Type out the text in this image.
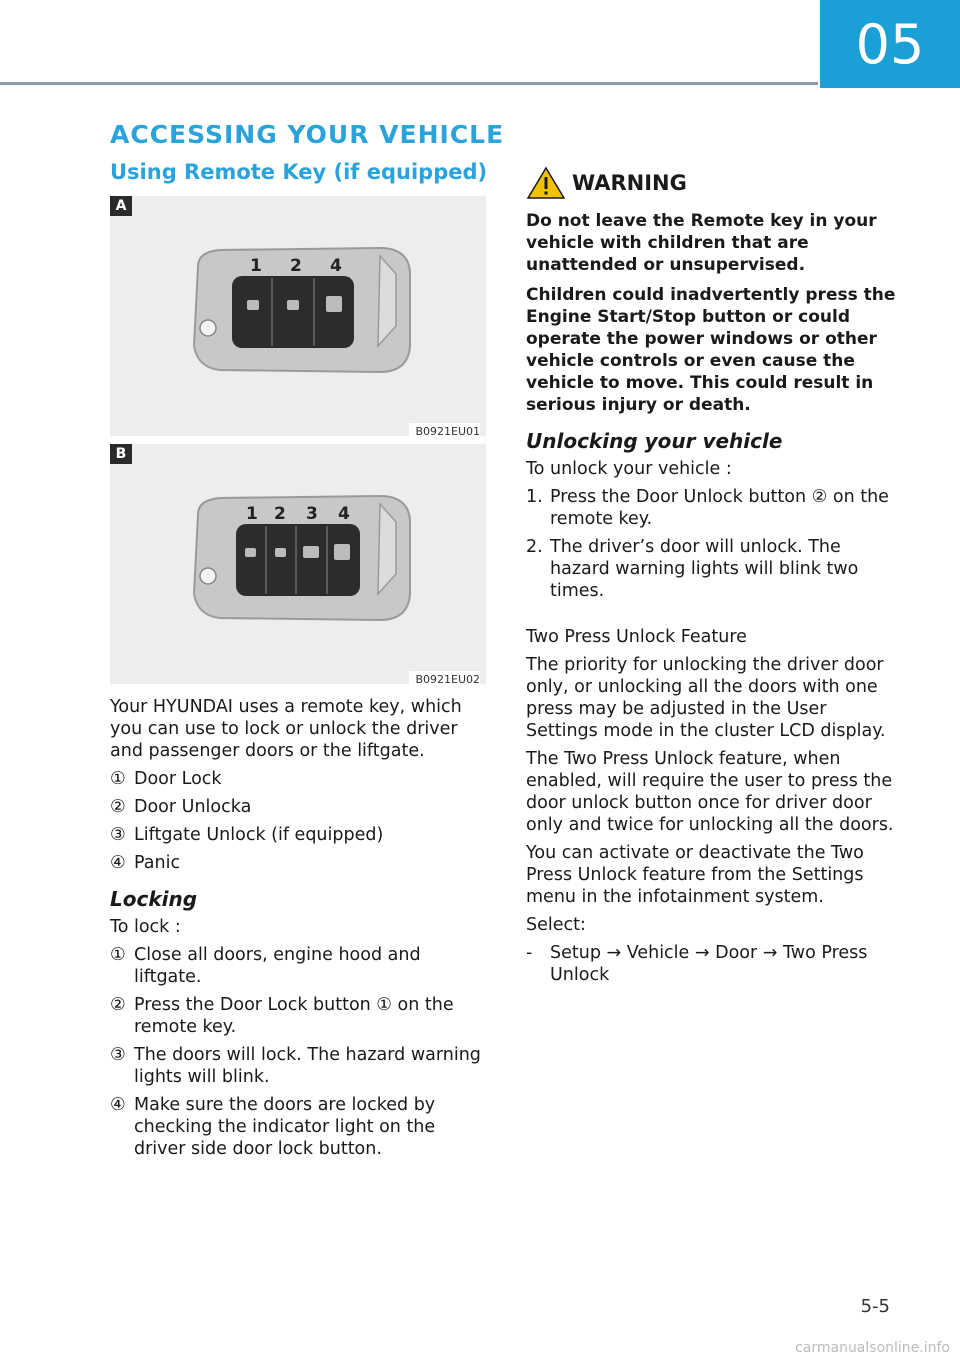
05
ACCESSING YOUR VEHICLE
Using Remote Key (if equipped)
A
1 2 4
B0921EU01
B
1 2 3 4
B0921EU02

Your HYUNDAI uses a remote key, which you can use to lock or unlock the driver and passenger doors or the liftgate.

① Door Lock
② Door Unlocka
③ Liftgate Unlock (if equipped)
④ Panic
Locking

To lock :

① Close all doors, engine hood and liftgate.
② Press the Door Lock button ① on the remote key.
③ The doors will lock. The hazard warning lights will blink.
④ Make sure the doors are locked by checking the indicator light on the driver side door lock button.
WARNING

Do not leave the Remote key in your vehicle with children that are unattended or unsupervised.

Children could inadvertently press the Engine Start/Stop button or could operate the power windows or other vehicle controls or even cause the vehicle to move. This could result in serious injury or death.

Unlocking your vehicle

To unlock your vehicle :

1. Press the Door Unlock button ② on the remote key.
2. The driver’s door will unlock. The hazard warning lights will blink two times.

Two Press Unlock Feature

The priority for unlocking the driver door only, or unlocking all the doors with one press may be adjusted in the User Settings mode in the cluster LCD display.

The Two Press Unlock feature, when enabled, will require the user to press the door unlock button once for driver door only and twice for unlocking all the doors.

You can activate or deactivate the Two Press Unlock feature from the Settings menu in the infotainment system.

Select:

-	Setup → Vehicle → Door → Two Press Unlock
5-5
carmanualsonline.info
